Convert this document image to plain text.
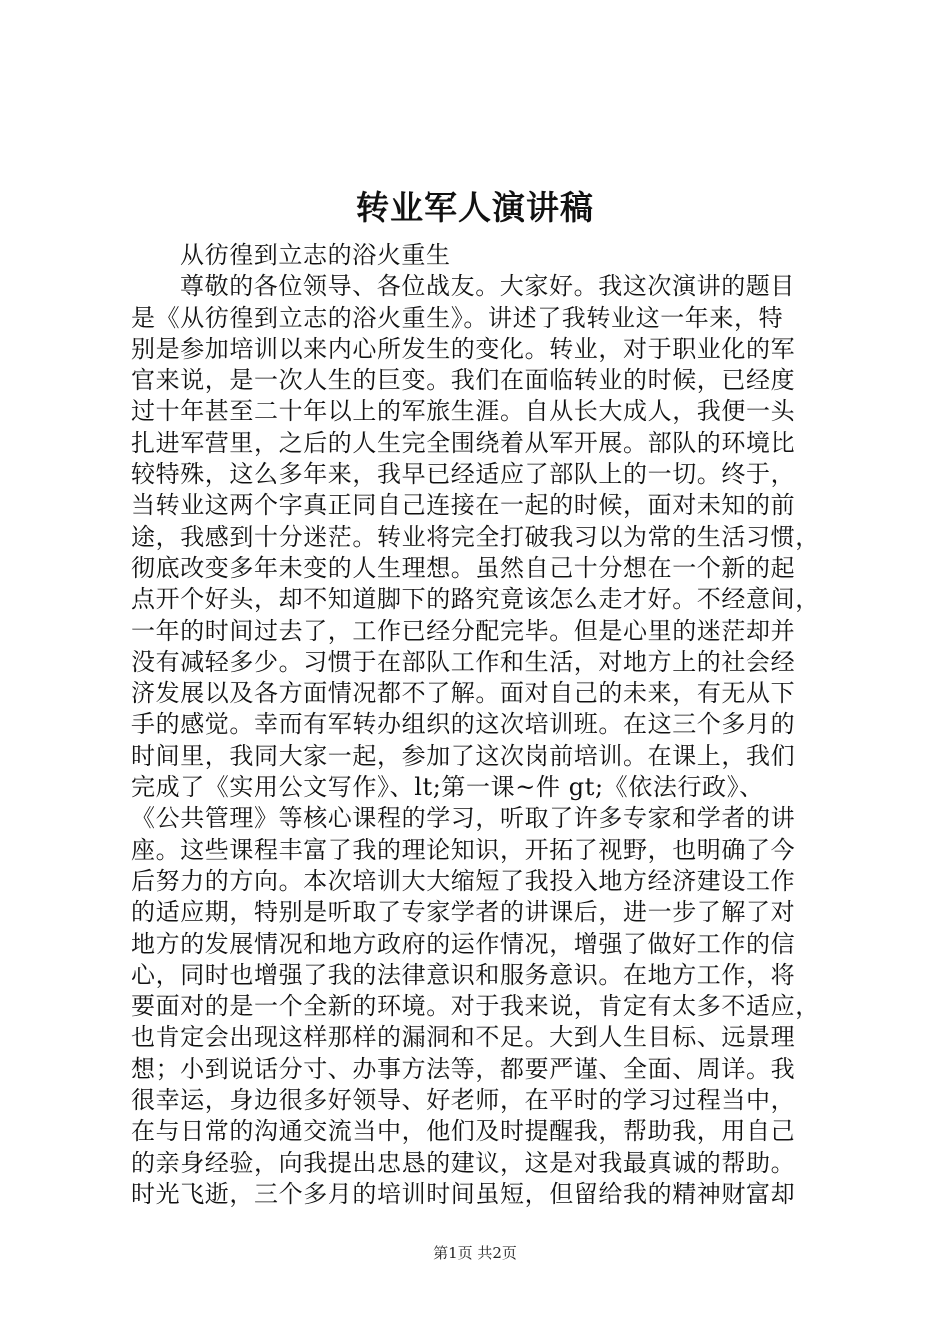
转业军人演讲稿
从彷徨到立志的浴火重生
尊敬的各位领导、各位战友。大家好。我这次演讲的题目
是《从彷徨到立志的浴火重生》。讲述了我转业这一年来，特
别是参加培训以来内心所发生的变化。转业，对于职业化的军
官来说，是一次人生的巨变。我们在面临转业的时候，已经度
过十年甚至二十年以上的军旅生涯。自从长大成人，我便一头
扎进军营里，之后的人生完全围绕着从军开展。部队的环境比
较特殊，这么多年来，我早已经适应了部队上的一切。终于，
当转业这两个字真正同自己连接在一起的时候，面对未知的前
途，我感到十分迷茫。转业将完全打破我习以为常的生活习惯，
彻底改变多年未变的人生理想。虽然自己十分想在一个新的起
点开个好头，却不知道脚下的路究竟该怎么走才好。不经意间，
一年的时间过去了，工作已经分配完毕。但是心里的迷茫却并
没有减轻多少。习惯于在部队工作和生活，对地方上的社会经
济发展以及各方面情况都不了解。面对自己的未来，有无从下
手的感觉。幸而有军转办组织的这次培训班。在这三个多月的
时间里，我同大家一起，参加了这次岗前培训。在课上，我们
完成了《实用公文写作》、lt;第一课~件 gt;《依法行政》、
《公共管理》等核心课程的学习，听取了许多专家和学者的讲
座。这些课程丰富了我的理论知识，开拓了视野，也明确了今
后努力的方向。本次培训大大缩短了我投入地方经济建设工作
的适应期，特别是听取了专家学者的讲课后，进一步了解了对
地方的发展情况和地方政府的运作情况，增强了做好工作的信
心，同时也增强了我的法律意识和服务意识。在地方工作，将
要面对的是一个全新的环境。对于我来说，肯定有太多不适应，
也肯定会出现这样那样的漏洞和不足。大到人生目标、远景理
想；小到说话分寸、办事方法等，都要严谨、全面、周详。我
很幸运，身边很多好领导、好老师，在平时的学习过程当中，
在与日常的沟通交流当中，他们及时提醒我，帮助我，用自己
的亲身经验，向我提出忠恳的建议，这是对我最真诚的帮助。
时光飞逝，三个多月的培训时间虽短，但留给我的精神财富却
第1页 共2页
